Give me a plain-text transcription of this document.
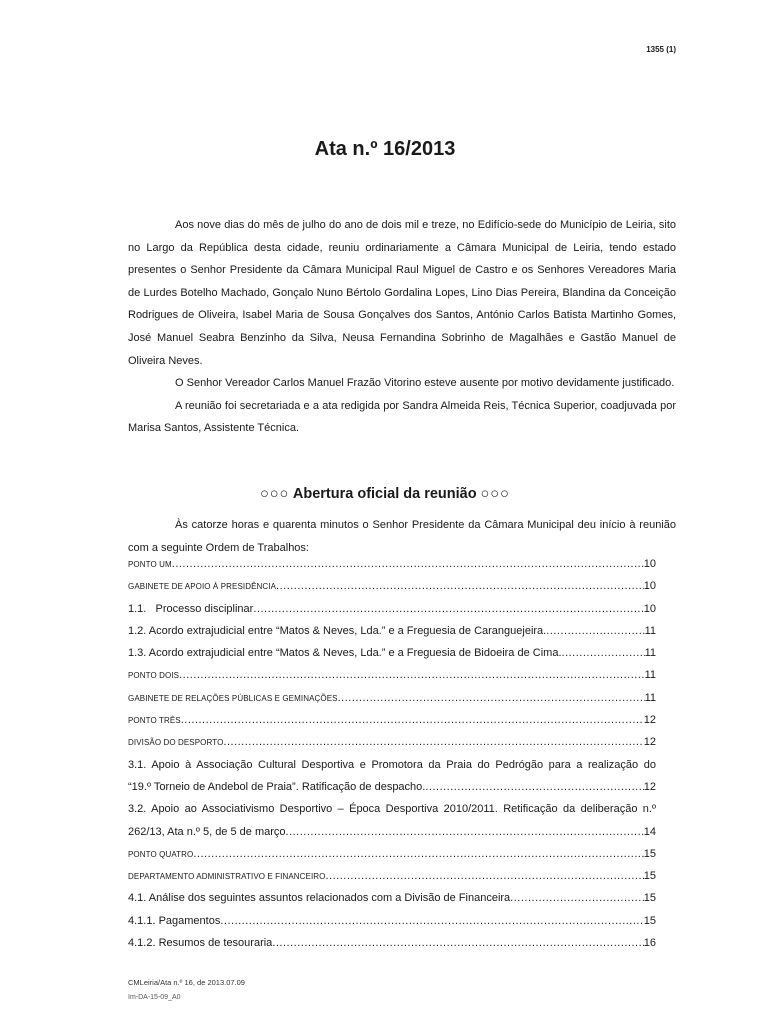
1355 (1)
Ata n.º 16/2013

Aos nove dias do mês de julho do ano de dois mil e treze, no Edifício-sede do Município de Leiria, sito no Largo da República desta cidade, reuniu ordinariamente a Câmara Municipal de Leiria, tendo estado presentes o Senhor Presidente da Câmara Municipal Raul Miguel de Castro e os Senhores Vereadores Maria de Lurdes Botelho Machado, Gonçalo Nuno Bértolo Gordalina Lopes, Lino Dias Pereira, Blandina da Conceição Rodrigues de Oliveira, Isabel Maria de Sousa Gonçalves dos Santos, António Carlos Batista Martinho Gomes, José Manuel Seabra Benzinho da Silva, Neusa Fernandina Sobrinho de Magalhães e Gastão Manuel de Oliveira Neves.

O Senhor Vereador Carlos Manuel Frazão Vitorino esteve ausente por motivo devidamente justificado.

A reunião foi secretariada e a ata redigida por Sandra Almeida Reis, Técnica Superior, coadjuvada por Marisa Santos, Assistente Técnica.

○○○ Abertura oficial da reunião ○○○

Às catorze horas e quarenta minutos o Senhor Presidente da Câmara Municipal deu início à reunião com a seguinte Ordem de Trabalhos:

PONTO UM .....	10
GABINETE DE APOIO À PRESIDÊNCIA .....	10
1.1.   Processo disciplinar .....	10
1.2. Acordo extrajudicial entre “Matos & Neves, Lda.” e a Freguesia de Caranguejeira. .....	11
1.3. Acordo extrajudicial entre “Matos & Neves, Lda.” e a Freguesia de Bidoeira de Cima. .....	11
PONTO DOIS .....	11
GABINETE DE RELAÇÕES PÚBLICAS E GEMINAÇÕES .....	11
PONTO TRÊS .....	12
DIVISÃO DO DESPORTO .....	12
3.1. Apoio à Associação Cultural Desportiva e Promotora da Praia do Pedrógão para a realização do
“19.º Torneio de Andebol de Praia”. Ratificação de despacho. .....	12
3.2. Apoio ao Associativismo Desportivo – Época Desportiva 2010/2011. Retificação da deliberação n.º
262/13, Ata n.º 5, de 5 de março .....	14
PONTO QUATRO .....	15
DEPARTAMENTO ADMINISTRATIVO E FINANCEIRO .....	15
4.1. Análise dos seguintes assuntos relacionados com a Divisão de Financeira .....	15
4.1.1. Pagamentos .....	15
4.1.2. Resumos de tesouraria .....	16
CMLeiria/Ata n.º 16, de 2013.07.09
Im-DA-15-09_A0
